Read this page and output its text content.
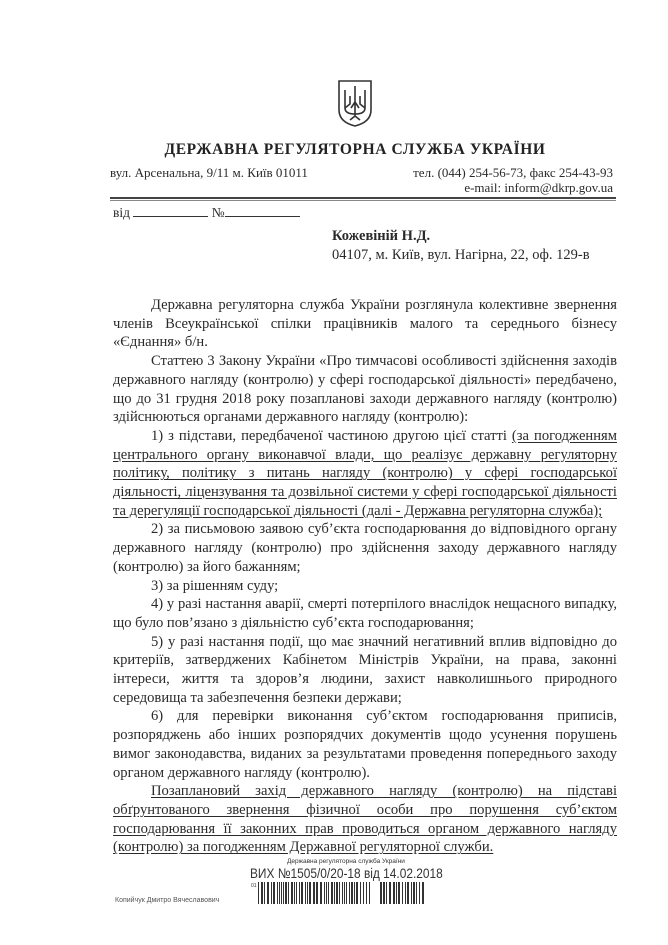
ДЕРЖАВНА РЕГУЛЯТОРНА СЛУЖБА УКРАЇНИ
вул. Арсенальна, 9/11 м. Київ 01011	тел. (044) 254-56-73, факс 254-43-93
e-mail: inform@dkrp.gov.ua
від	№
Кожевіній Н.Д.
04107, м. Київ, вул. Нагірна, 22, оф. 129-в

Державна регуляторна служба України розглянула колективне звернення членів Всеукраїнської спілки працівників малого та середнього бізнесу «Єднання» б/н.

Статтею 3 Закону України «Про тимчасові особливості здійснення заходів державного нагляду (контролю) у сфері господарської діяльності» передбачено, що до 31 грудня 2018 року позапланові заходи державного нагляду (контролю) здійснюються органами державного нагляду (контролю):

1) з підстави, передбаченої частиною другою цієї статті (за погодженням центрального органу виконавчої влади, що реалізує державну регуляторну політику, політику з питань нагляду (контролю) у сфері господарської діяльності, ліцензування та дозвільної системи у сфері господарської діяльності та дерегуляції господарської діяльності (далі - Державна регуляторна служба);

2) за письмовою заявою суб’єкта господарювання до відповідного органу державного нагляду (контролю) про здійснення заходу державного нагляду (контролю) за його бажанням;

3) за рішенням суду;

4) у разі настання аварії, смерті потерпілого внаслідок нещасного випадку, що було пов’язано з діяльністю суб’єкта господарювання;

5) у разі настання події, що має значний негативний вплив відповідно до критеріїв, затверджених Кабінетом Міністрів України, на права, законні інтереси, життя та здоров’я людини, захист навколишнього природного середовища та забезпечення безпеки держави;

6) для перевірки виконання суб’єктом господарювання приписів, розпоряджень або інших розпорядчих документів щодо усунення порушень вимог законодавства, виданих за результатами проведення попереднього заходу органом державного нагляду (контролю).

Позаплановий захід державного нагляду (контролю) на підставі обґрунтованого звернення фізичної особи про порушення суб’єктом господарювання її законних прав проводиться органом державного нагляду (контролю) за погодженням Державної регуляторної служби.

Державна регуляторна служба України
ВИХ №1505/0/20-18 від 14.02.2018
01
Копийчук Дмитро Вячеславович
